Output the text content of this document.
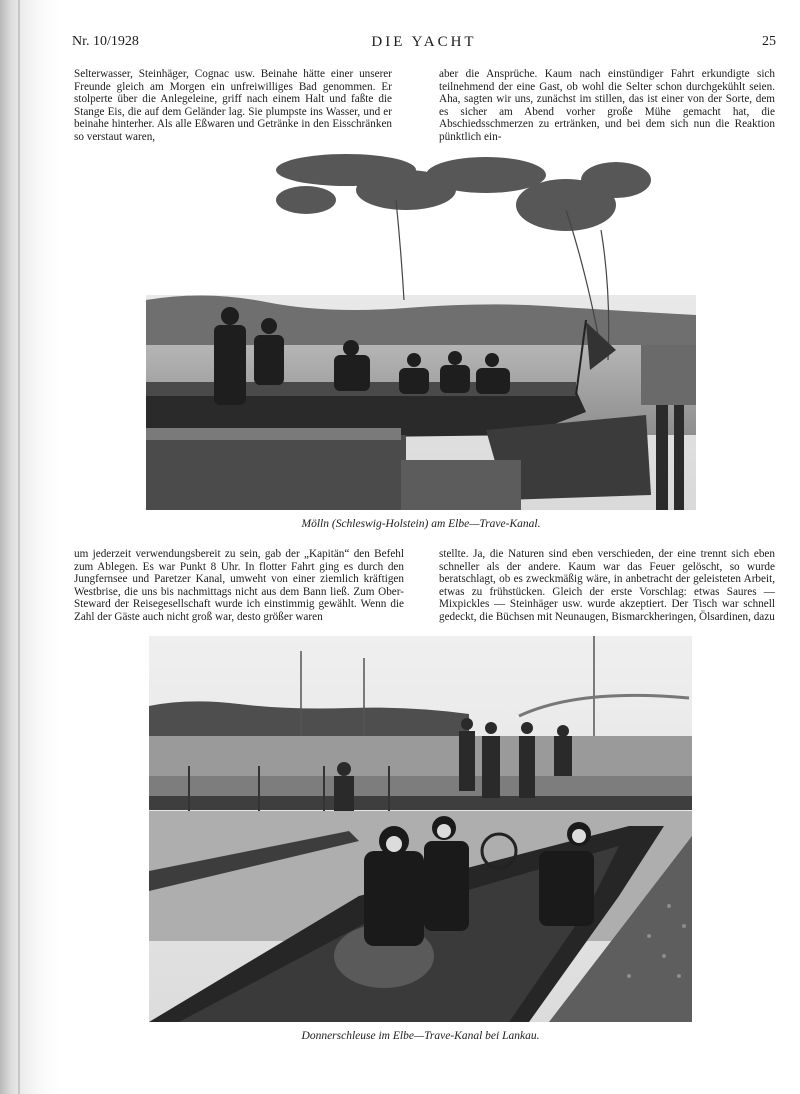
Nr. 10/1928	DIE YACHT	25

Selterwasser, Steinhäger, Cognac usw. Beinahe hätte einer unserer Freunde gleich am Morgen ein unfreiwilliges Bad genommen. Er stolperte über die Anlegeleine, griff nach einem Halt und faßte die Stange Eis, die auf dem Geländer lag. Sie plumpste ins Wasser, und er beinahe hinterher. Als alle Eßwaren und Getränke in den Eisschränken so verstaut waren,

aber die Ansprüche. Kaum nach einstündiger Fahrt erkundigte sich teilnehmend der eine Gast, ob wohl die Selter schon durchgekühlt seien. Aha, sagten wir uns, zunächst im stillen, das ist einer von der Sorte, dem es sicher am Abend vorher große Mühe gemacht hat, die Abschiedsschmerzen zu ertränken, und bei dem sich nun die Reaktion pünktlich ein-

Mölln (Schleswig-Holstein) am Elbe—Trave-Kanal.

um jederzeit verwendungsbereit zu sein, gab der „Kapitän“ den Befehl zum Ablegen. Es war Punkt 8 Uhr. In flotter Fahrt ging es durch den Jungfernsee und Paretzer Kanal, umweht von einer ziemlich kräftigen Westbrise, die uns bis nachmittags nicht aus dem Bann ließ. Zum Ober-Steward der Reisegesellschaft wurde ich einstimmig gewählt. Wenn die Zahl der Gäste auch nicht groß war, desto größer waren

stellte. Ja, die Naturen sind eben verschieden, der eine trennt sich eben schneller als der andere. Kaum war das Feuer gelöscht, so wurde beratschlagt, ob es zweckmäßig wäre, in anbetracht der geleisteten Arbeit, etwas zu frühstücken. Gleich der erste Vorschlag: etwas Saures — Mixpickles — Steinhäger usw. wurde akzeptiert. Der Tisch war schnell gedeckt, die Büchsen mit Neunaugen, Bismarckheringen, Ölsardinen, dazu

Donnerschleuse im Elbe—Trave-Kanal bei Lankau.
